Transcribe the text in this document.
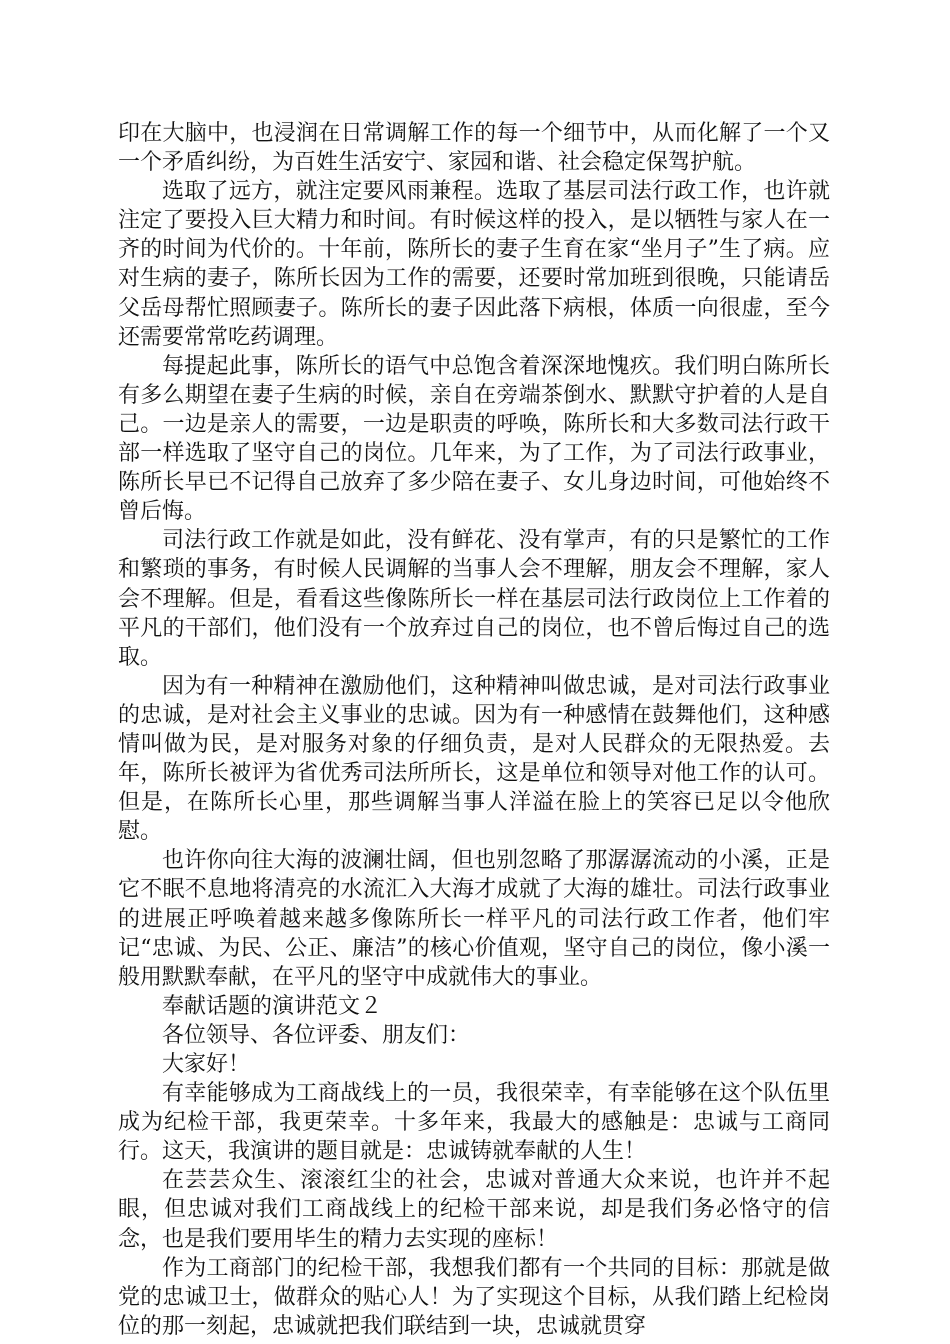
印在大脑中，也浸润在日常调解工作的每一个细节中，从而化解了一个又一个矛盾纠纷，为百姓生活安宁、家园和谐、社会稳定保驾护航。

选取了远方，就注定要风雨兼程。选取了基层司法行政工作，也许就注定了要投入巨大精力和时间。有时候这样的投入，是以牺牲与家人在一齐的时间为代价的。十年前，陈所长的妻子生育在家“坐月子”生了病。应对生病的妻子，陈所长因为工作的需要，还要时常加班到很晚，只能请岳父岳母帮忙照顾妻子。陈所长的妻子因此落下病根，体质一向很虚，至今还需要常常吃药调理。

每提起此事，陈所长的语气中总饱含着深深地愧疚。我们明白陈所长有多么期望在妻子生病的时候，亲自在旁端茶倒水、默默守护着的人是自己。一边是亲人的需要，一边是职责的呼唤，陈所长和大多数司法行政干部一样选取了坚守自己的岗位。几年来，为了工作，为了司法行政事业，陈所长早已不记得自己放弃了多少陪在妻子、女儿身边时间，可他始终不曾后悔。

司法行政工作就是如此，没有鲜花、没有掌声，有的只是繁忙的工作和繁琐的事务，有时候人民调解的当事人会不理解，朋友会不理解，家人会不理解。但是，看看这些像陈所长一样在基层司法行政岗位上工作着的平凡的干部们，他们没有一个放弃过自己的岗位，也不曾后悔过自己的选取。

因为有一种精神在激励他们，这种精神叫做忠诚，是对司法行政事业的忠诚，是对社会主义事业的忠诚。因为有一种感情在鼓舞他们，这种感情叫做为民，是对服务对象的仔细负责，是对人民群众的无限热爱。去年，陈所长被评为省优秀司法所所长，这是单位和领导对他工作的认可。但是，在陈所长心里，那些调解当事人洋溢在脸上的笑容已足以令他欣慰。

也许你向往大海的波澜壮阔，但也别忽略了那潺潺流动的小溪，正是它不眠不息地将清亮的水流汇入大海才成就了大海的雄壮。司法行政事业的进展正呼唤着越来越多像陈所长一样平凡的司法行政工作者，他们牢记“忠诚、为民、公正、廉洁”的核心价值观，坚守自己的岗位，像小溪一般用默默奉献，在平凡的坚守中成就伟大的事业。

奉献话题的演讲范文２

各位领导、各位评委、朋友们：

大家好！

有幸能够成为工商战线上的一员，我很荣幸，有幸能够在这个队伍里成为纪检干部，我更荣幸。十多年来，我最大的感触是：忠诚与工商同行。这天，我演讲的题目就是：忠诚铸就奉献的人生！

在芸芸众生、滚滚红尘的社会，忠诚对普通大众来说，也许并不起眼，但忠诚对我们工商战线上的纪检干部来说，却是我们务必恪守的信念，也是我们要用毕生的精力去实现的座标！

作为工商部门的纪检干部，我想我们都有一个共同的目标：那就是做党的忠诚卫士，做群众的贴心人！为了实现这个目标，从我们踏上纪检岗位的那一刻起，忠诚就把我们联结到一块，忠诚就贯穿
